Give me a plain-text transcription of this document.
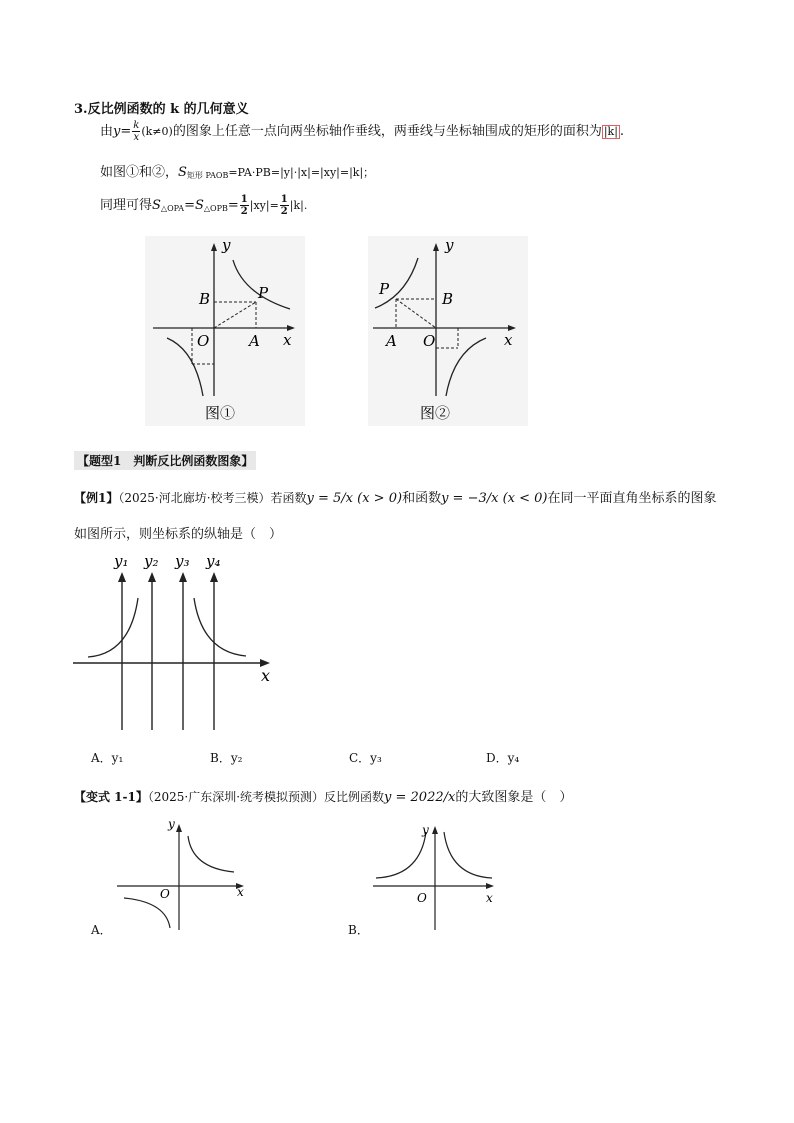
3.反比例函数的 k 的几何意义
由$y= \frac{k}{x} (k\ne 0)$的图象上任意一点向两坐标轴作垂线，两垂线与坐标轴围成的矩形的面积为 |k| .
如图①和②，$S_{矩形 PAOB}=PA\cdot PB=|y|\cdot|x|=|xy|=|k|$；
同理可得$S_{\triangle OPA}=S_{\triangle OPB}= \frac{1}{2} |xy|= \frac{1}{2} |k|$.
y
x
O	A
B	P
图①
y
x
O
A
B
P
图②
【题型1　判断反比例函数图象】
【例1】（2025·河北廊坊·校考三模）若函数y = 5/x (x > 0)和函数y = −3/x (x < 0)在同一平面直角坐标系的图象
如图所示，则坐标系的纵轴是（　）
y₁ y₂ y₃ y₄
x
A．y₁	B．y₂	C．y₃	D．y₄
【变式 1-1】（2025·广东深圳·统考模拟预测）反比例函数y = 2022/x的大致图象是（　）
y
x
O
A．
y
x
O
B．
